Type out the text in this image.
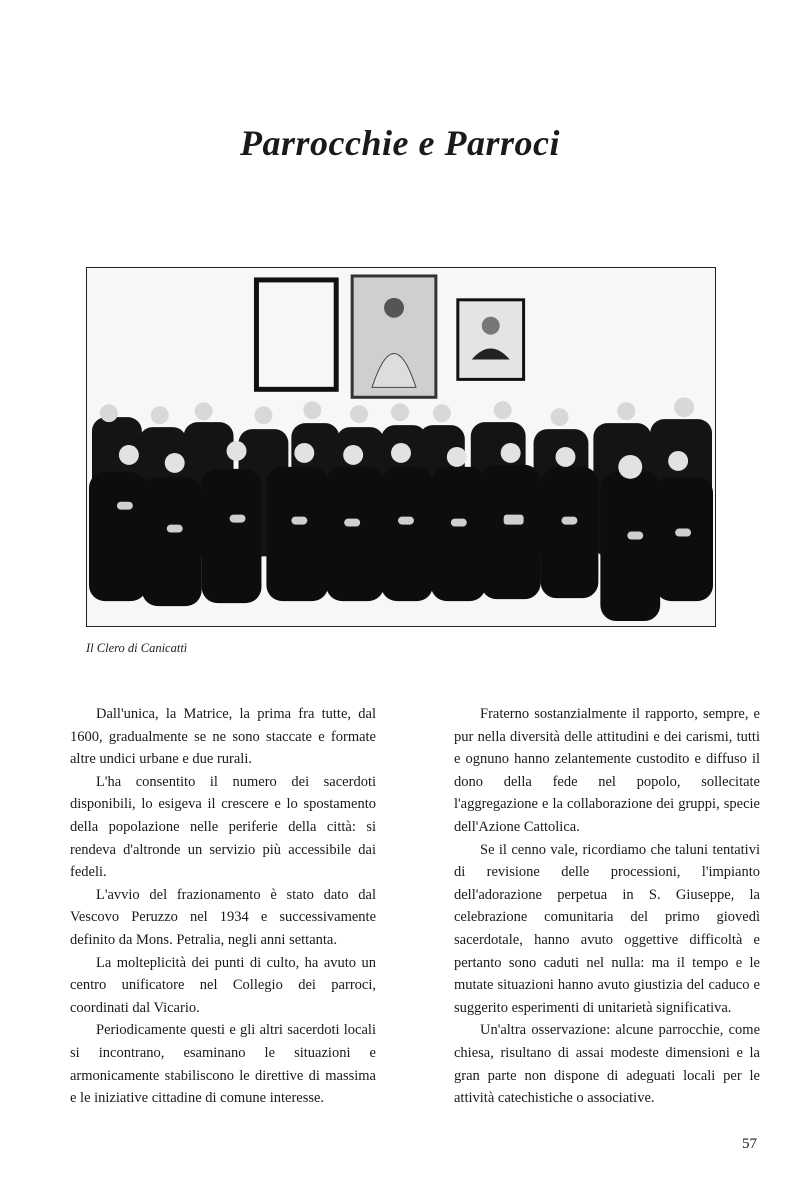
Parrocchie e Parroci
Il Clero di Canicattì

Dall'unica, la Matrice, la prima fra tutte, dal 1600, gradualmente se ne sono staccate e formate altre undici urbane e due rurali.

L'ha consentito il numero dei sacerdoti disponibili, lo esigeva il crescere e lo spostamento della popolazione nelle periferie della città: si rendeva d'altronde un servizio più accessibile dai fedeli.

L'avvio del frazionamento è stato dato dal Vescovo Peruzzo nel 1934 e successivamente definito da Mons. Petralia, negli anni settanta.

La molteplicità dei punti di culto, ha avuto un centro unificatore nel Collegio dei parroci, coordinati dal Vicario.

Periodicamente questi e gli altri sacerdoti locali si incontrano, esaminano le situazioni e armonicamente stabiliscono le direttive di massima e le iniziative cittadine di comune interesse.

Fraterno sostanzialmente il rapporto, sempre, e pur nella diversità delle attitudini e dei carismi, tutti e ognuno hanno zelantemente custodito e diffuso il dono della fede nel popolo, sollecitate l'aggregazione e la collaborazione dei gruppi, specie dell'Azione Cattolica.

Se il cenno vale, ricordiamo che taluni tentativi di revisione delle processioni, l'impianto dell'adorazione perpetua in S. Giuseppe, la celebrazione comunitaria del primo giovedì sacerdotale, hanno avuto oggettive difficoltà e pertanto sono caduti nel nulla: ma il tempo e le mutate situazioni hanno avuto giustizia del caduco e suggerito esperimenti di unitarietà significativa.

Un'altra osservazione: alcune parrocchie, come chiesa, risultano di assai modeste dimensioni e la gran parte non dispone di adeguati locali per le attività catechistiche o associative.

57
